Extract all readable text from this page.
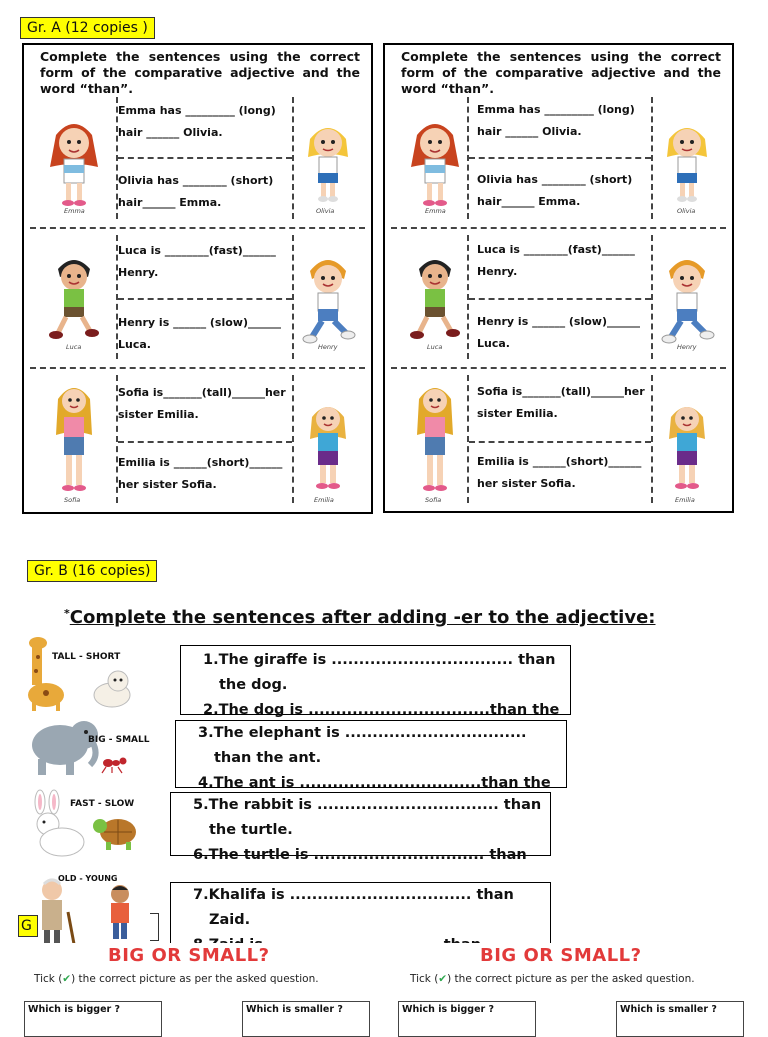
Gr. A (12 copies )
Complete the sentences using the correct form of the comparative adjective and the word “than”.
Emma has _________ (long) hair ______ Olivia.
Olivia has ________ (short) hair______ Emma.
Luca is ________(fast)______ Henry.
Henry is ______ (slow)______ Luca.
Sofia is_______(tall)______her sister Emilia.
Emilia is ______(short)______ her sister Sofia.
Emma	Olivia
Luca	Henry
Sofia	Emilia
Complete the sentences using the correct form of the comparative adjective and the word “than”.
Emma has _________ (long) hair ______ Olivia.
Olivia has ________ (short) hair______ Emma.
Luca is ________(fast)______ Henry.
Henry is ______ (slow)______ Luca.
Sofia is_______(tall)______her sister Emilia.
Emilia is ______(short)______ her sister Sofia.
Emma	Olivia
Luca	Henry
Sofia	Emilia
Gr. B (16 copies)
*Complete the sentences after adding -er to the adjective:
TALL - SHORT	1.The giraffe is ................................. than
the dog.
2.The dog is .................................than the
BIG - SMALL	3.The elephant is .................................
than the ant.
4.The ant is .................................than the
FAST - SLOW	5.The rabbit is ................................. than
the turtle.
6.The turtle is ............................... than
OLD - YOUNG
7.Khalifa is ................................. than
Zaid.
G
BIG OR SMALL?
Tick (✔) the correct picture as per the asked question.
Which is bigger ?	Which is smaller ?
BIG OR SMALL?
Tick (✔) the correct picture as per the asked question.
Which is bigger ?	Which is smaller ?
